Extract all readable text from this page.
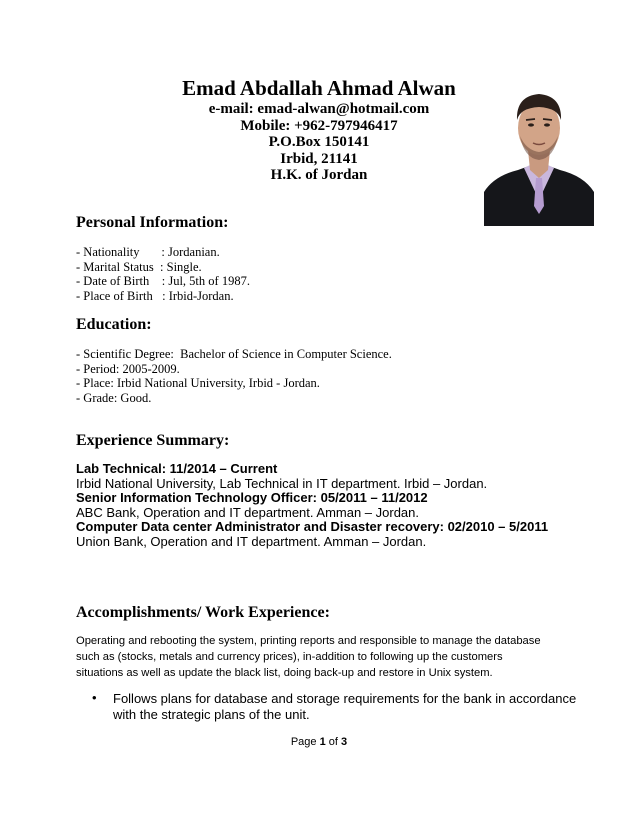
Emad Abdallah Ahmad Alwan
e-mail: emad-alwan@hotmail.com
Mobile: +962-797946417
P.O.Box 150141
Irbid, 21141
H.K. of Jordan
Personal Information:
- Nationality       : Jordanian.
- Marital Status  : Single.
- Date of Birth    : Jul, 5th of 1987.
- Place of Birth   : Irbid-Jordan.
Education:
- Scientific Degree:  Bachelor of Science in Computer Science.
- Period: 2005-2009.
- Place: Irbid National University, Irbid - Jordan.
- Grade: Good.
Experience Summary:
Lab Technical: 11/2014 – Current
Irbid National University, Lab Technical in IT department. Irbid – Jordan.
Senior Information Technology Officer: 05/2011 – 11/2012
ABC Bank, Operation and IT department. Amman – Jordan.
Computer Data center Administrator and Disaster recovery: 02/2010 – 5/2011
Union Bank, Operation and IT department. Amman – Jordan.
Accomplishments/ Work Experience:
Operating and rebooting the system, printing reports and responsible to manage the database
such as (stocks, metals and currency prices), in-addition to following up the customers
situations as well as update the black list, doing back-up and restore in Unix system.
• Follows plans for database and storage requirements for the bank in accordance
with the strategic plans of the unit.
Page 1 of 3
